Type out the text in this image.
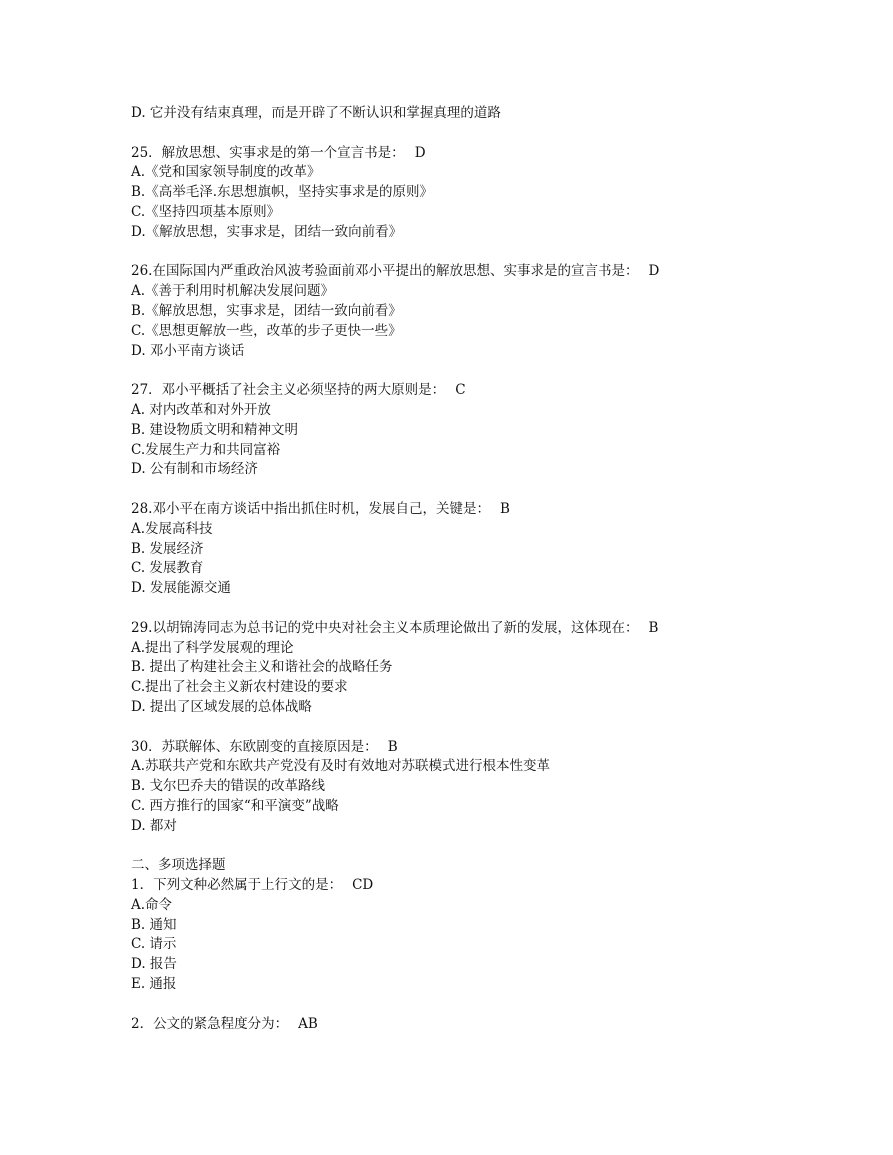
D. 它并没有结束真理，而是开辟了不断认识和掌握真理的道路
25．解放思想、实事求是的第一个宣言书是： D
A.《党和国家领导制度的改革》
B.《高举毛泽.东思想旗帜，坚持实事求是的原则》
C.《坚持四项基本原则》
D.《解放思想，实事求是，团结一致向前看》
26.在国际国内严重政治风波考验面前邓小平提出的解放思想、实事求是的宣言书是： D
A.《善于利用时机解决发展问题》
B.《解放思想，实事求是，团结一致向前看》
C.《思想更解放一些，改革的步子更快一些》
D. 邓小平南方谈话
27．邓小平概括了社会主义必须坚持的两大原则是： C
A. 对内改革和对外开放
B. 建设物质文明和精神文明
C.发展生产力和共同富裕
D. 公有制和市场经济
28.邓小平在南方谈话中指出抓住时机，发展自己，关键是： B
A.发展高科技
B. 发展经济
C. 发展教育
D. 发展能源交通
29.以胡锦涛同志为总书记的党中央对社会主义本质理论做出了新的发展，这体现在： B
A.提出了科学发展观的理论
B. 提出了构建社会主义和谐社会的战略任务
C.提出了社会主义新农村建设的要求
D. 提出了区域发展的总体战略
30．苏联解体、东欧剧变的直接原因是： B
A.苏联共产党和东欧共产党没有及时有效地对苏联模式进行根本性变革
B. 戈尔巴乔夫的错误的改革路线
C. 西方推行的国家“和平演变”战略
D. 都对
二、多项选择题
1．下列文种必然属于上行文的是： CD
A.命令
B. 通知
C. 请示
D. 报告
E. 通报
2．公文的紧急程度分为： AB
